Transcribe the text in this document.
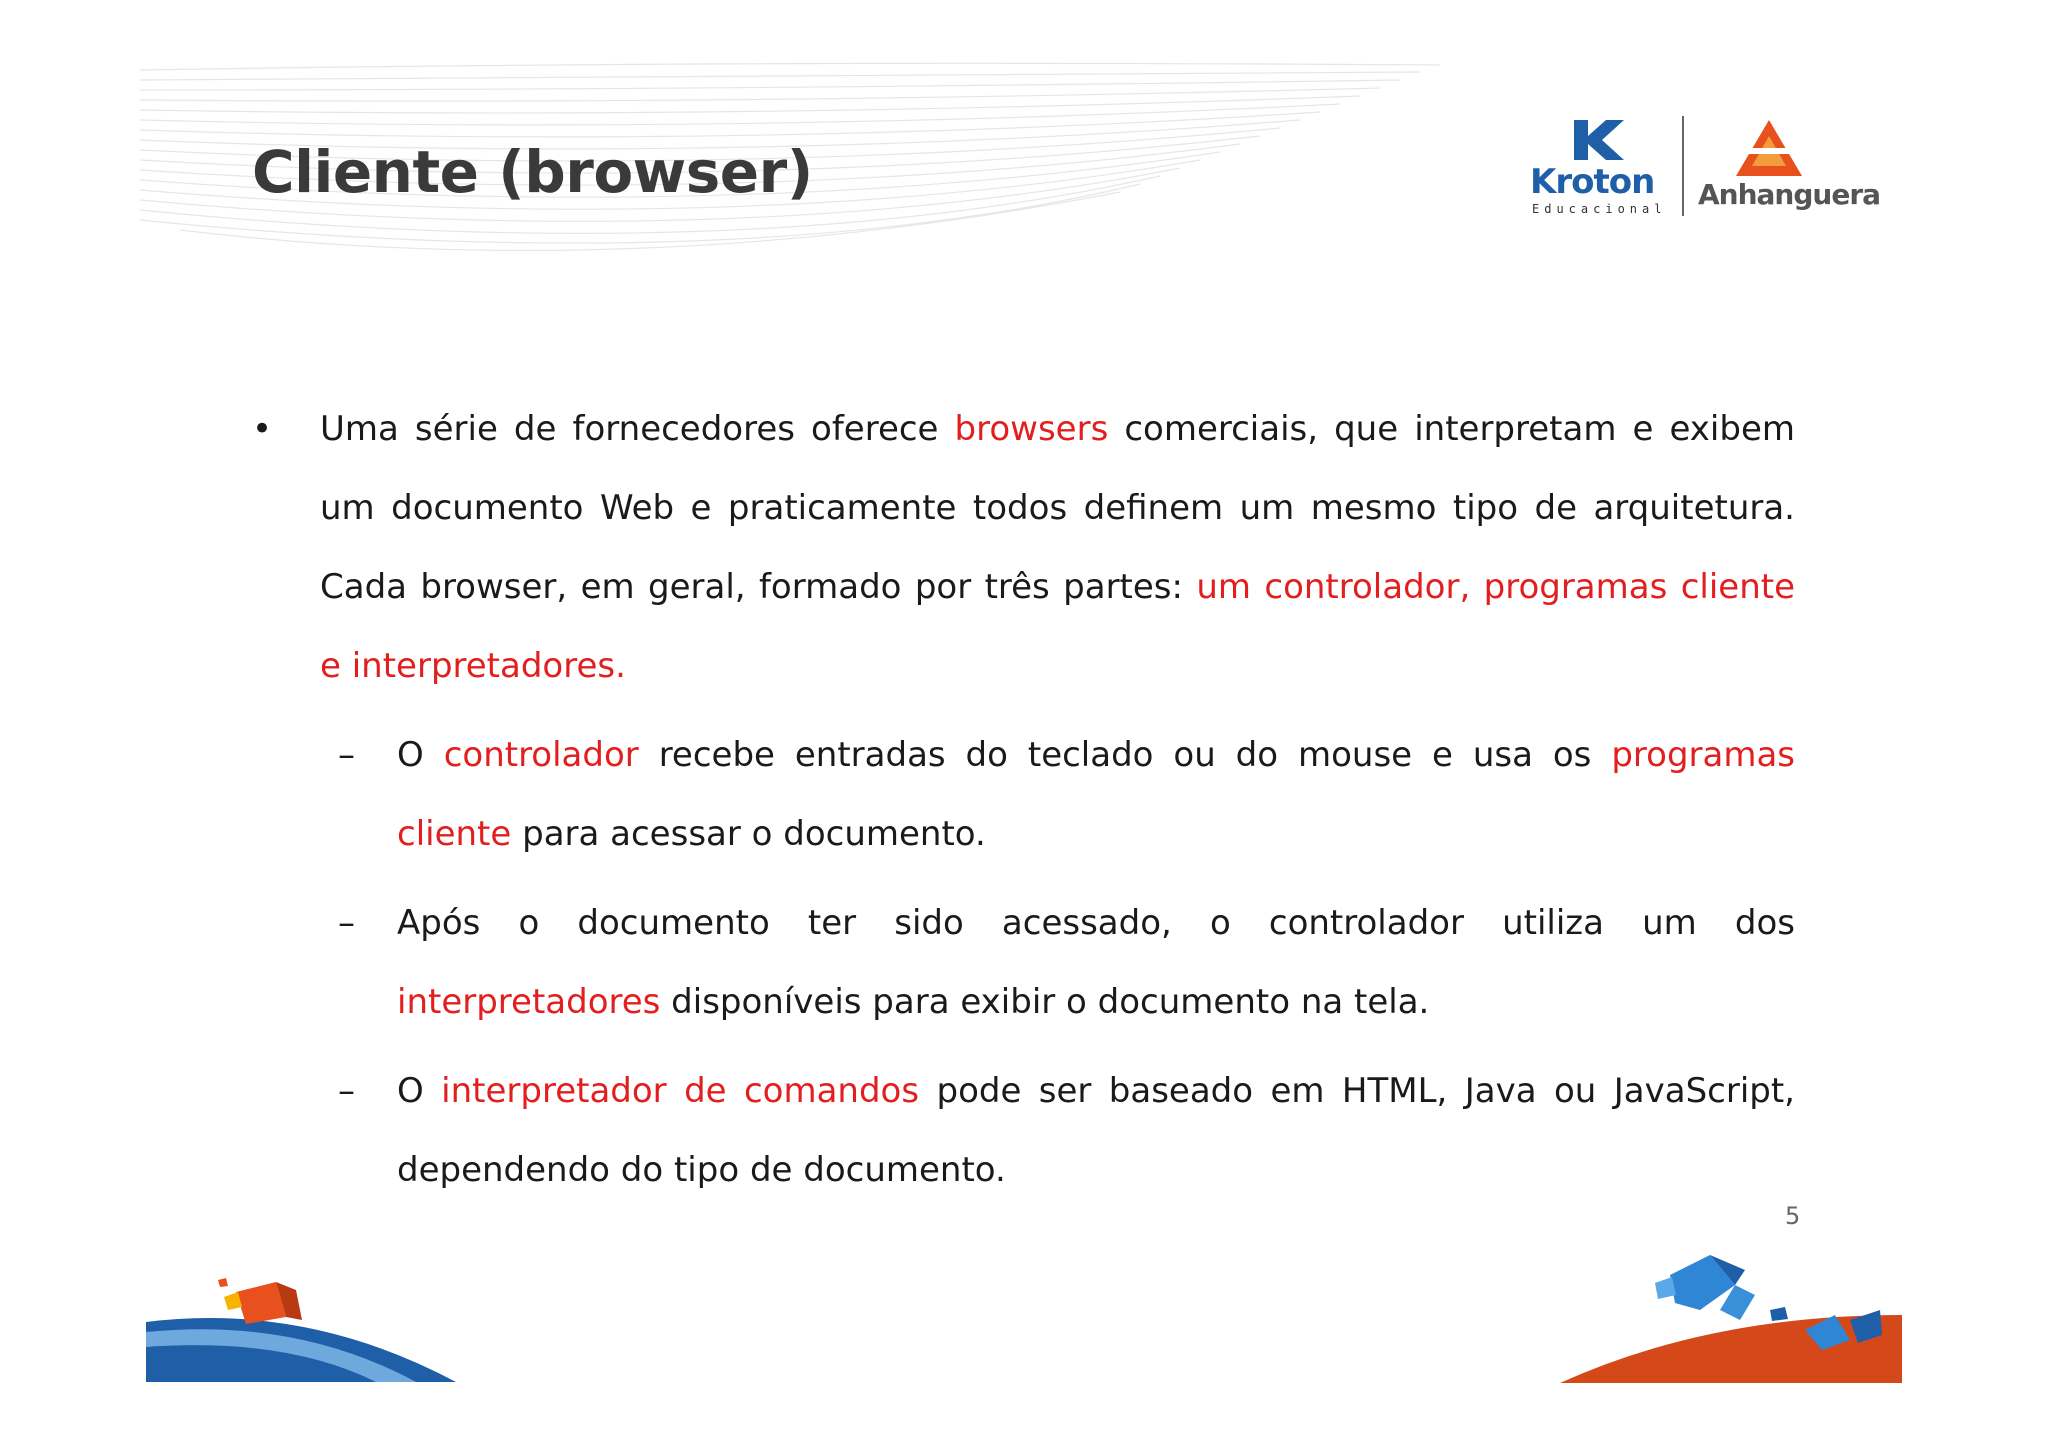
Cliente (browser)	Kroton
Educacional Anhanguera

• Uma série de fornecedores oferece browsers comerciais, que interpretam e exibem um documento Web e praticamente todos definem um mesmo tipo de arquitetura. Cada browser, em geral, formado por três partes: um controlador, programas cliente e interpretadores.

– O controlador recebe entradas do teclado ou do mouse e usa os programas cliente para acessar o documento.

– Após o documento ter sido acessado, o controlador utiliza um dos interpretadores disponíveis para exibir o documento na tela.

– O interpretador de comandos pode ser baseado em HTML, Java ou JavaScript, dependendo do tipo de documento.

5
